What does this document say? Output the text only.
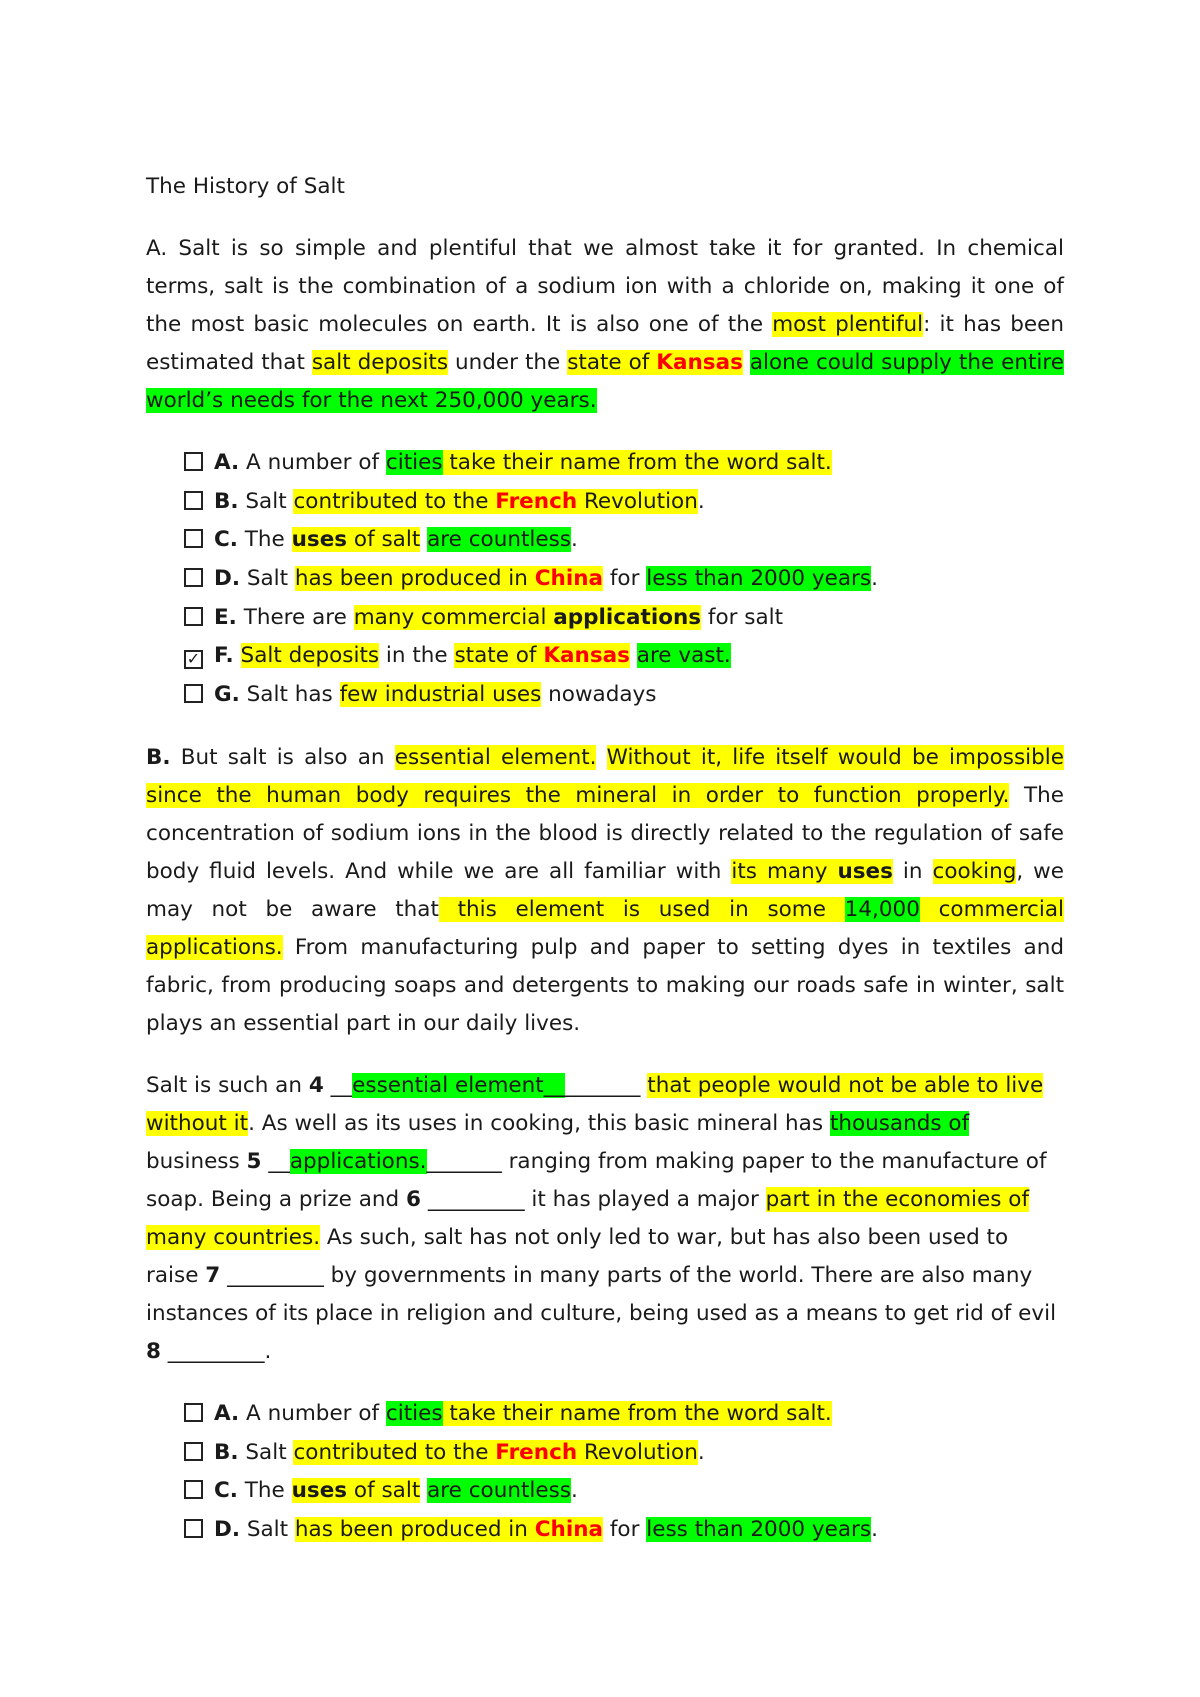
The History of Salt

A. Salt is so simple and plentiful that we almost take it for granted. In chemical terms, salt is the combination of a sodium ion with a chloride on, making it one of the most basic molecules on earth. It is also one of the most plentiful: it has been estimated that salt deposits under the state of Kansas alone could supply the entire world’s needs for the next 250,000 years.

A. A number of cities take their name from the word salt.
B. Salt contributed to the French Revolution.
C. The uses of salt are countless.
D. Salt has been produced in China for less than 2000 years.
E. There are many commercial applications for salt
✓ F. Salt deposits in the state of Kansas are vast.
G. Salt has few industrial uses nowadays

B. But salt is also an essential element. Without it, life itself would be impossible since the human body requires the mineral in order to function properly. The concentration of sodium ions in the blood is directly related to the regulation of safe body fluid levels. And while we are all familiar with its many uses in cooking, we may not be aware that this element is used in some 14,000 commercial applications. From manufacturing pulp and paper to setting dyes in textiles and fabric, from producing soaps and detergents to making our roads safe in winter, salt plays an essential part in our daily lives.

Salt is such an 4 __essential element_________ that people would not be able to live without it. As well as its uses in cooking, this basic mineral has thousands of business 5 __applications._______ ranging from making paper to the manufacture of soap. Being a prize and 6 _________ it has played a major part in the economies of many countries. As such, salt has not only led to war, but has also been used to raise 7 _________ by governments in many parts of the world. There are also many instances of its place in religion and culture, being used as a means to get rid of evil 8 _________.

A. A number of cities take their name from the word salt.
B. Salt contributed to the French Revolution.
C. The uses of salt are countless.
D. Salt has been produced in China for less than 2000 years.
